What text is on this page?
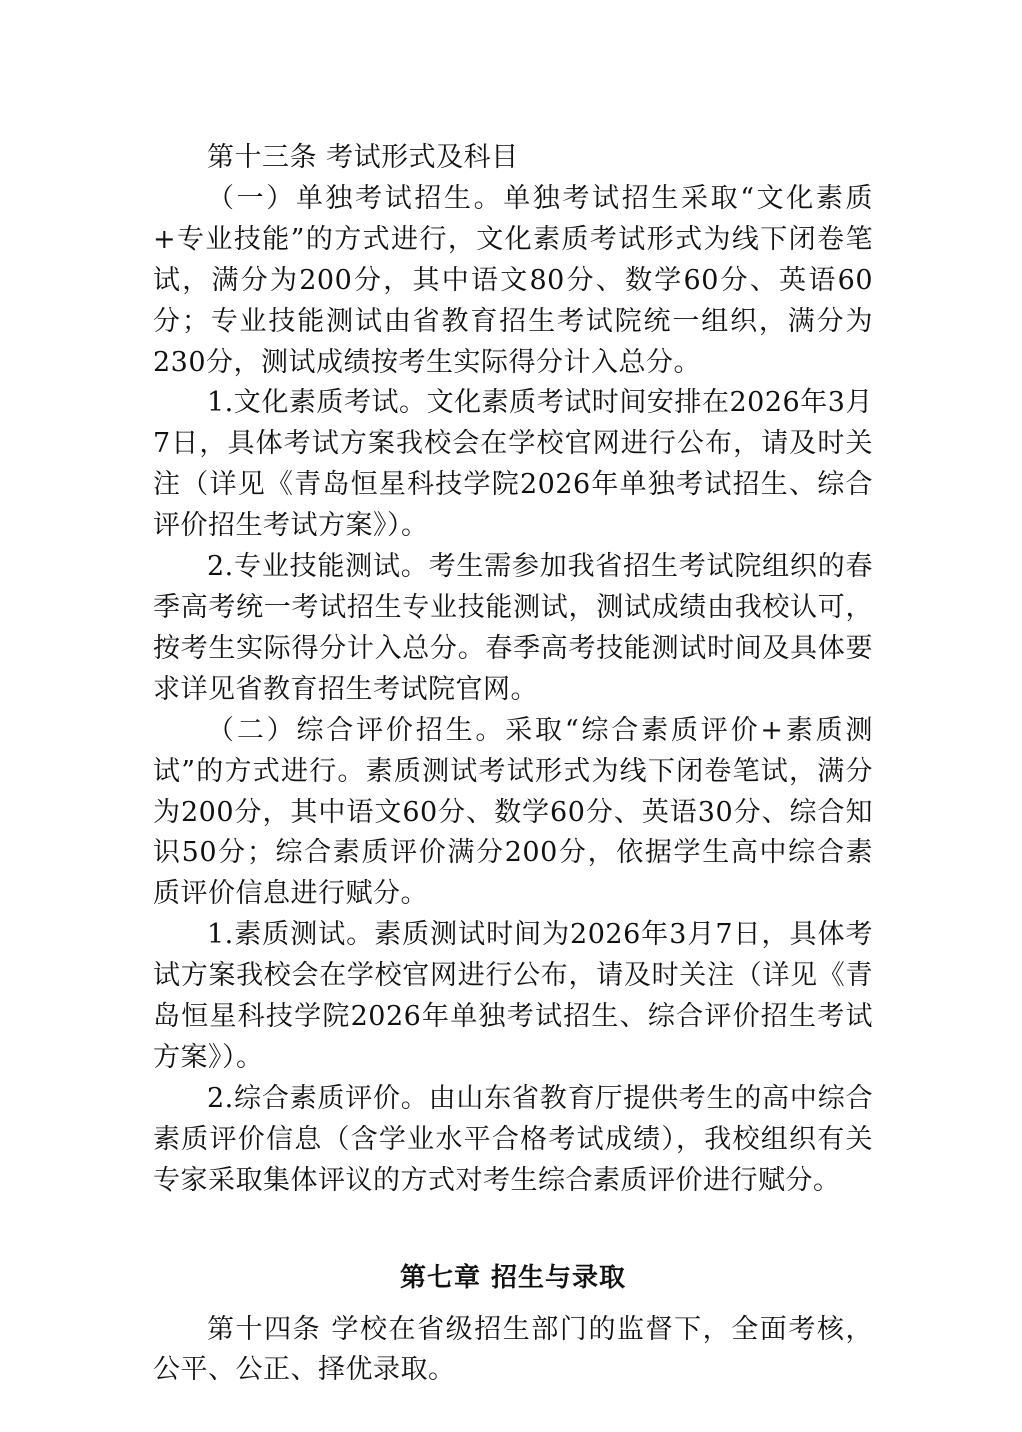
第十三条 考试形式及科目

（一）单独考试招生。单独考试招生采取“文化素质+专业技能”的方式进行，文化素质考试形式为线下闭卷笔试，满分为200分，其中语文80分、数学60分、英语60分；专业技能测试由省教育招生考试院统一组织，满分为230分，测试成绩按考生实际得分计入总分。

1.文化素质考试。文化素质考试时间安排在2026年3月7日，具体考试方案我校会在学校官网进行公布，请及时关注（详见《青岛恒星科技学院2026年单独考试招生、综合评价招生考试方案》）。

2.专业技能测试。考生需参加我省招生考试院组织的春季高考统一考试招生专业技能测试，测试成绩由我校认可，按考生实际得分计入总分。春季高考技能测试时间及具体要求详见省教育招生考试院官网。

（二）综合评价招生。采取“综合素质评价+素质测试”的方式进行。素质测试考试形式为线下闭卷笔试，满分为200分，其中语文60分、数学60分、英语30分、综合知识50分；综合素质评价满分200分，依据学生高中综合素质评价信息进行赋分。

1.素质测试。素质测试时间为2026年3月7日，具体考试方案我校会在学校官网进行公布，请及时关注（详见《青岛恒星科技学院2026年单独考试招生、综合评价招生考试方案》）。

2.综合素质评价。由山东省教育厅提供考生的高中综合素质评价信息（含学业水平合格考试成绩），我校组织有关专家采取集体评议的方式对考生综合素质评价进行赋分。

第七章 招生与录取

第十四条 学校在省级招生部门的监督下，全面考核，公平、公正、择优录取。
